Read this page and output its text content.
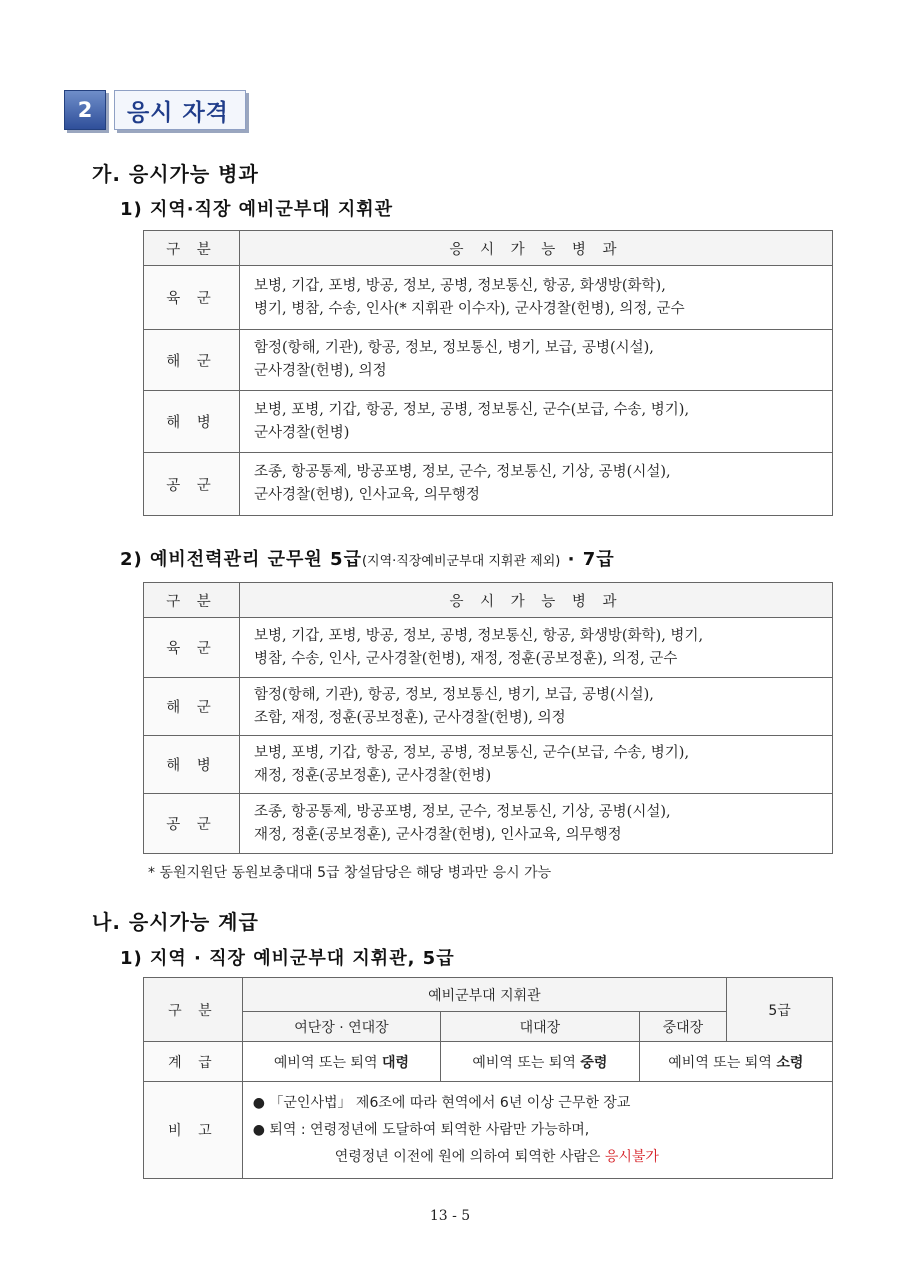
2	응시 자격
가. 응시가능 병과
1) 지역·직장 예비군부대 지휘관
구 분	응 시 가 능 병 과
육 군	보병, 기갑, 포병, 방공, 정보, 공병, 정보통신, 항공, 화생방(화학),
병기, 병참, 수송, 인사(* 지휘관 이수자), 군사경찰(헌병), 의정, 군수

해 군	함정(항해, 기관), 항공, 정보, 정보통신, 병기, 보급, 공병(시설),
군사경찰(헌병), 의정

해 병	보병, 포병, 기갑, 항공, 정보, 공병, 정보통신, 군수(보급, 수송, 병기),
군사경찰(헌병)

공 군	조종, 항공통제, 방공포병, 정보, 군수, 정보통신, 기상, 공병(시설),
군사경찰(헌병), 인사교육, 의무행정
2) 예비전력관리 군무원 5급(지역·직장예비군부대 지휘관 제외) · 7급
구 분	응 시 가 능 병 과
육 군	보병, 기갑, 포병, 방공, 정보, 공병, 정보통신, 항공, 화생방(화학), 병기,
병참, 수송, 인사, 군사경찰(헌병), 재정, 정훈(공보정훈), 의정, 군수

해 군	함정(항해, 기관), 항공, 정보, 정보통신, 병기, 보급, 공병(시설),
조함, 재정, 정훈(공보정훈), 군사경찰(헌병), 의정

해 병	보병, 포병, 기갑, 항공, 정보, 공병, 정보통신, 군수(보급, 수송, 병기),
재정, 정훈(공보정훈), 군사경찰(헌병)

공 군	조종, 항공통제, 방공포병, 정보, 군수, 정보통신, 기상, 공병(시설),
재정, 정훈(공보정훈), 군사경찰(헌병), 인사교육, 의무행정
* 동원지원단 동원보충대대 5급 창설담당은 해당 병과만 응시 가능
나. 응시가능 계급
1) 지역 · 직장 예비군부대 지휘관, 5급
구 분	예비군부대 지휘관			5급
	여단장 · 연대장	대대장	중대장	
계 급	예비역 또는 퇴역 대령	예비역 또는 퇴역 중령	예비역 또는 퇴역 소령	
비 고	● 「군인사법」 제6조에 따라 현역에서 6년 이상 근무한 장교
● 퇴역 : 연령정년에 도달하여 퇴역한 사람만 가능하며,
연령정년 이전에 원에 의하여 퇴역한 사람은 응시불가			
13 - 5
